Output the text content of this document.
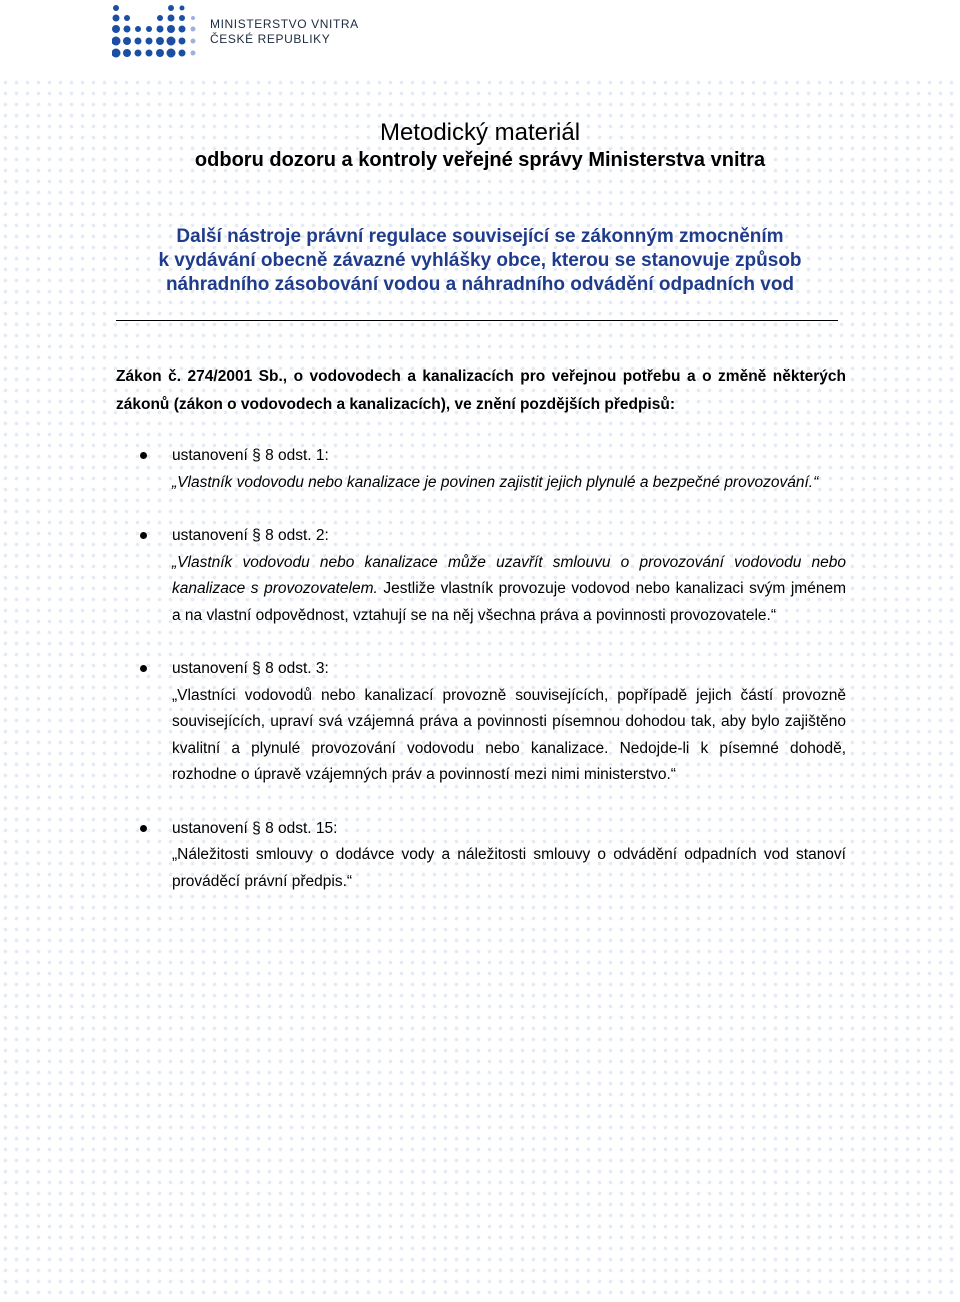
MINISTERSTVO VNITRA
ČESKÉ REPUBLIKY
Metodický materiál
odboru dozoru a kontroly veřejné správy Ministerstva vnitra
Další nástroje právní regulace související se zákonným zmocněním
k vydávání obecně závazné vyhlášky obce, kterou se stanovuje způsob
náhradního zásobování vodou a náhradního odvádění odpadních vod
Zákon č. 274/2001 Sb., o vodovodech a kanalizacích pro veřejnou potřebu a o změně některých zákonů (zákon o vodovodech a kanalizacích), ve znění pozdějších předpisů:
ustanovení § 8 odst. 1:
„Vlastník vodovodu nebo kanalizace je povinen zajistit jejich plynulé a bezpečné provozování.“
ustanovení § 8 odst. 2:
„Vlastník vodovodu nebo kanalizace může uzavřít smlouvu o provozování vodovodu nebo kanalizace s provozovatelem. Jestliže vlastník provozuje vodovod nebo kanalizaci svým jménem a na vlastní odpovědnost, vztahují se na něj všechna práva a povinnosti provozovatele.“
ustanovení § 8 odst. 3:
„Vlastníci vodovodů nebo kanalizací provozně souvisejících, popřípadě jejich částí provozně souvisejících, upraví svá vzájemná práva a povinnosti písemnou dohodou tak, aby bylo zajištěno kvalitní a plynulé provozování vodovodu nebo kanalizace. Nedojde-li k písemné dohodě, rozhodne o úpravě vzájemných práv a povinností mezi nimi ministerstvo.“
ustanovení § 8 odst. 15:
„Náležitosti smlouvy o dodávce vody a náležitosti smlouvy o odvádění odpadních vod stanoví prováděcí právní předpis.“
